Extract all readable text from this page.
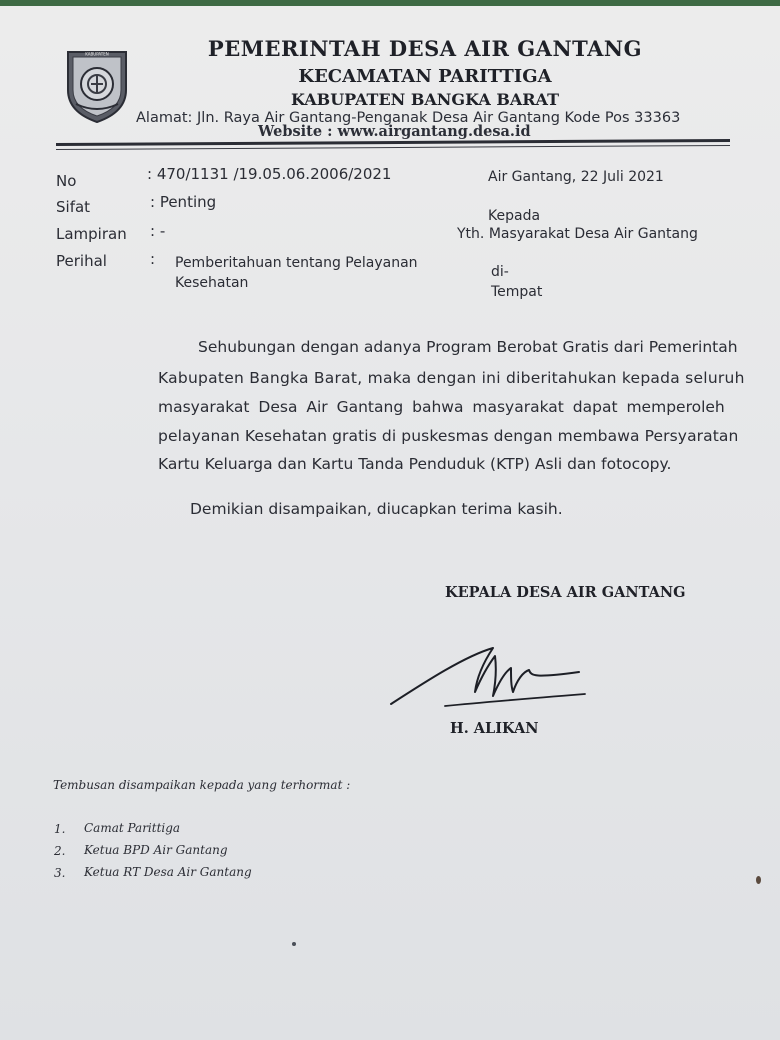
KABUPATEN	PEMERINTAH DESA AIR GANTANG
KECAMATAN PARITTIGA
KABUPATEN BANGKA BARAT
Alamat: Jln. Raya Air Gantang-Penganak Desa Air Gantang Kode Pos 33363
Website : www.airgantang.desa.id
No	: 470/1131 /19.05.06.2006/2021
Sifat	: Penting
Lampiran : -
Perihal	: Pemberitahuan tentang Pelayanan
Kesehatan
Air Gantang, 22 Juli 2021
Kepada
Yth. Masyarakat Desa Air Gantang
di-
Tempat
Sehubungan dengan adanya Program Berobat Gratis dari Pemerintah
Kabupaten Bangka Barat, maka dengan ini diberitahukan kepada seluruh
masyarakat Desa Air Gantang bahwa masyarakat dapat memperoleh
pelayanan Kesehatan gratis di puskesmas dengan membawa Persyaratan
Kartu Keluarga dan Kartu Tanda Penduduk (KTP) Asli dan fotocopy.
Demikian disampaikan, diucapkan terima kasih.
KEPALA DESA AIR GANTANG
H. ALIKAN
Tembusan disampaikan kepada yang terhormat :
1. Camat Parittiga
2. Ketua BPD Air Gantang
3. Ketua RT Desa Air Gantang
